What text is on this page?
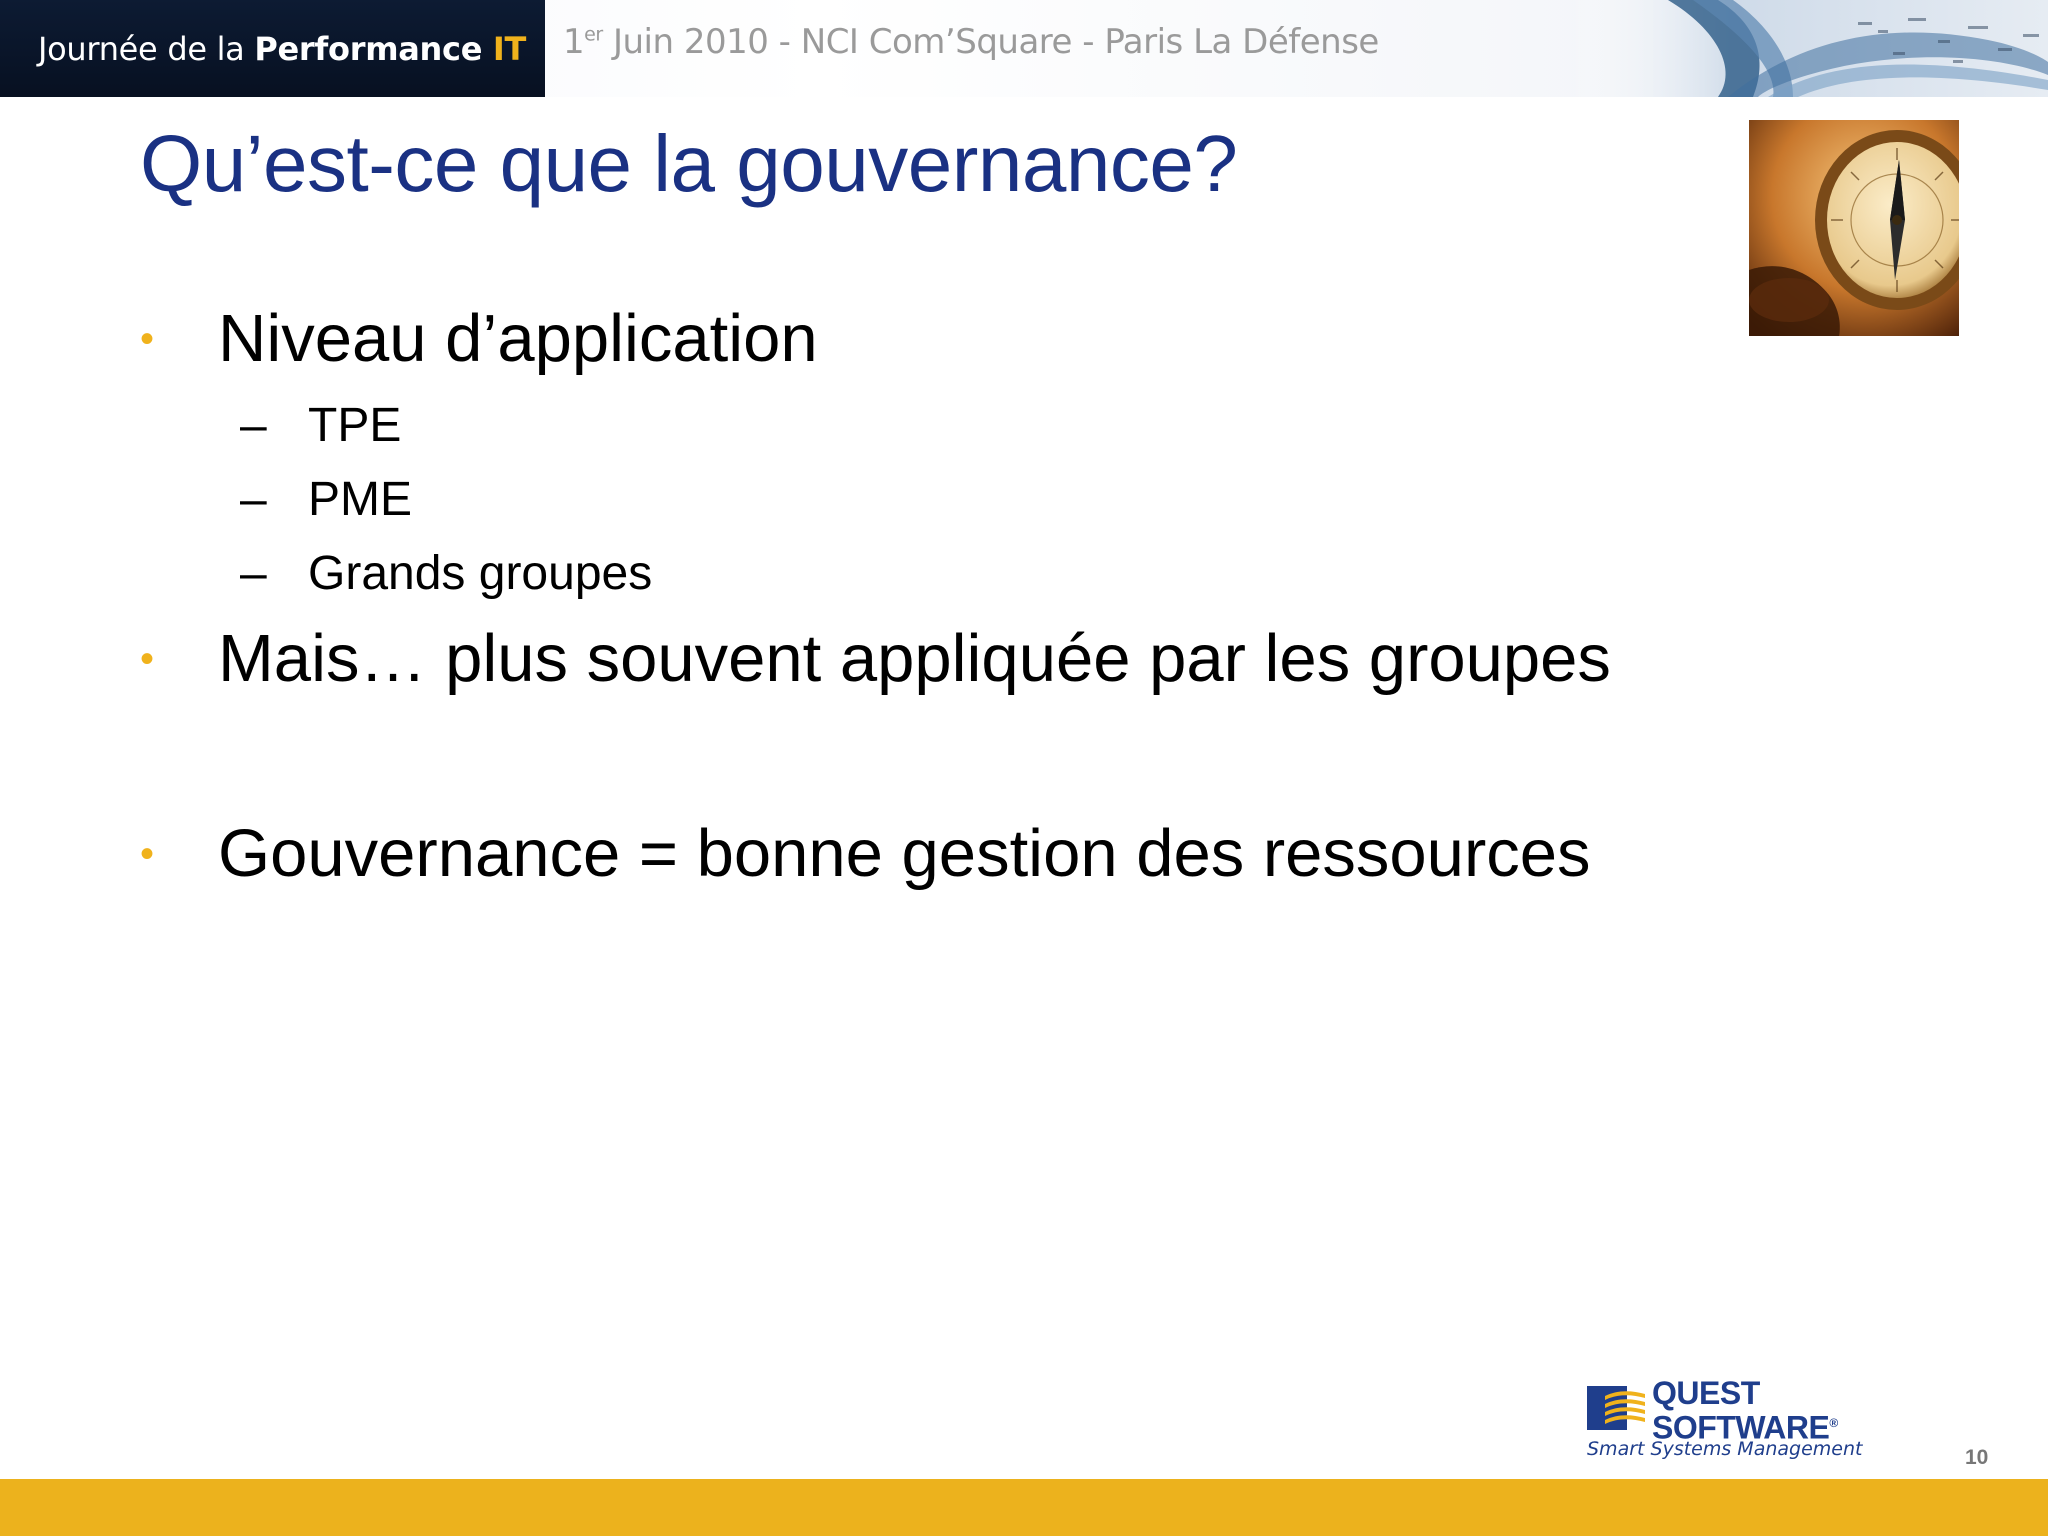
Journée de la Performance IT 1er Juin 2010 - NCI Com’Square - Paris La Défense
Qu’est-ce que la gouvernance?
• Niveau d’application
– TPE
– PME
– Grands groupes
• Mais… plus souvent appliquée par les groupes
• Gouvernance = bonne gestion des ressources
QUEST
SOFTWARE®
Smart Systems Management	10
